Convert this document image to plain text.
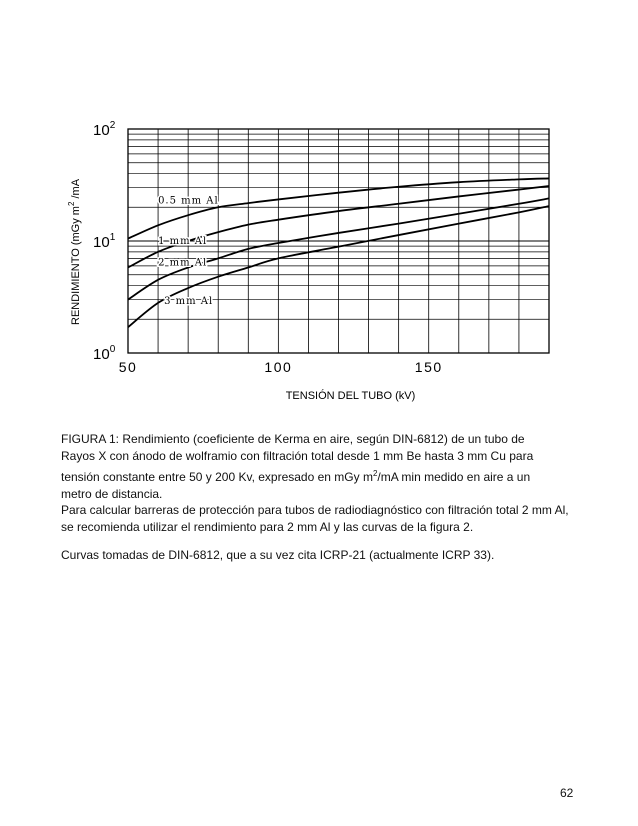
0.5 mm Al
1 mm Al
2 mm Al
3 mm Al
50	100	150
TENSIÓN DEL TUBO (kV)
$10^0$
$10^1$
$10^2$
RENDIMIENTO (mGy $m^2$ /mA
FIGURA 1: Rendimiento (coeficiente de Kerma en aire, según DIN-6812) de un tubo de Rayos X con ánodo de wolframio con filtración total desde 1 mm Be hasta 3 mm Cu para tensión constante entre 50 y 200 Kv, expresado en mGy $m^2/mA$ min medido en aire a un metro de distancia.
Para calcular barreras de protección para tubos de radiodiagnóstico con filtración total 2 mm Al, se recomienda utilizar el rendimiento para 2 mm Al y las curvas de la figura 2.
Curvas tomadas de DIN-6812, que a su vez cita ICRP-21 (actualmente ICRP 33).
62
